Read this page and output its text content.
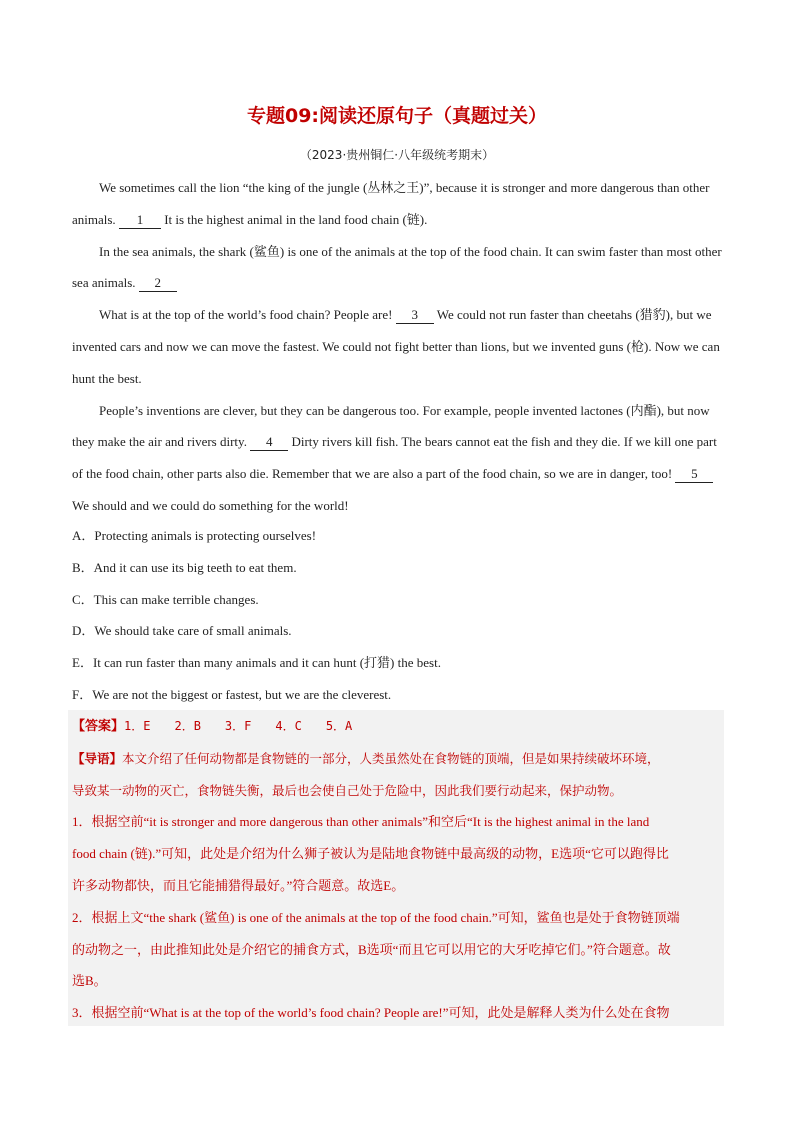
专题09:阅读还原句子（真题过关）
（2023·贵州铜仁·八年级统考期末）

We sometimes call the lion “the king of the jungle (丛林之王)”, because it is stronger and more dangerous than other animals. 1 It is the highest animal in the land food chain (链).

In the sea animals, the shark (鲨鱼) is one of the animals at the top of the food chain. It can swim faster than most other sea animals. 2

What is at the top of the world’s food chain? People are! 3 We could not run faster than cheetahs (猎豹), but we invented cars and now we can move the fastest. We could not fight better than lions, but we invented guns (枪). Now we can hunt the best.

People’s inventions are clever, but they can be dangerous too. For example, people invented lactones (内酯), but now they make the air and rivers dirty. 4 Dirty rivers kill fish. The bears cannot eat the fish and they die. If we kill one part of the food chain, other parts also die. Remember that we are also a part of the food chain, so we are in danger, too! 5 We should and we could do something for the world!

A．Protecting animals is protecting ourselves!
B．And it can use its big teeth to eat them.
C．This can make terrible changes.
D．We should take care of small animals.
E．It can run faster than many animals and it can hunt (打猎) the best.
F．We are not the biggest or fastest, but we are the cleverest.
【答案】1．E　　2．B　　3．F　　4．C　　5．A
【导语】本文介绍了任何动物都是食物链的一部分，人类虽然处在食物链的顶端，但是如果持续破坏环境，
导致某一动物的灭亡，食物链失衡，最后也会使自己处于危险中，因此我们要行动起来，保护动物。
1．根据空前“it is stronger and more dangerous than other animals”和空后“It is the highest animal in the land
food chain (链).”可知，此处是介绍为什么狮子被认为是陆地食物链中最高级的动物，E选项“它可以跑得比
许多动物都快，而且它能捕猎得最好。”符合题意。故选E。
2．根据上文“the shark (鲨鱼) is one of the animals at the top of the food chain.”可知，鲨鱼也是处于食物链顶端
的动物之一，由此推知此处是介绍它的捕食方式，B选项“而且它可以用它的大牙吃掉它们。”符合题意。故
选B。
3．根据空前“What is at the top of the world’s food chain? People are!”可知，此处是解释人类为什么处在食物
